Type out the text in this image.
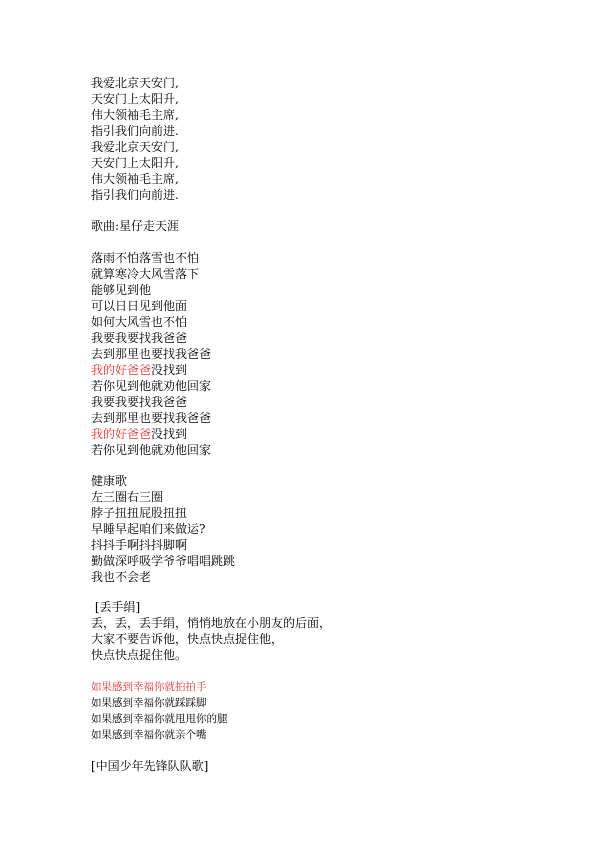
我爱北京天安门,
天安门上太阳升,
伟大领袖毛主席,
指引我们向前进.
我爱北京天安门,
天安门上太阳升,
伟大领袖毛主席,
指引我们向前进.
歌曲:星仔走天涯
落雨不怕落雪也不怕
就算寒冷大风雪落下
能够见到他
可以日日见到他面
如何大风雪也不怕
我要我要找我爸爸
去到那里也要找我爸爸
我的好爸爸没找到
若你见到他就劝他回家
我要我要找我爸爸
去到那里也要找我爸爸
我的好爸爸没找到
若你见到他就劝他回家
健康歌
左三圈右三圈
脖子扭扭屁股扭扭
早睡早起咱们来做运?
抖抖手啊抖抖脚啊
勤做深呼吸学爷爷唱唱跳跳
我也不会老
[丢手绢]
丢，丢，丢手绢，悄悄地放在小朋友的后面，
大家不要告诉他，快点快点捉住他，
快点快点捉住他。
如果感到幸福你就拍拍手
如果感到幸福你就踩踩脚
如果感到幸福你就甩甩你的腿
如果感到幸福你就亲个嘴
[中国少年先锋队队歌]
